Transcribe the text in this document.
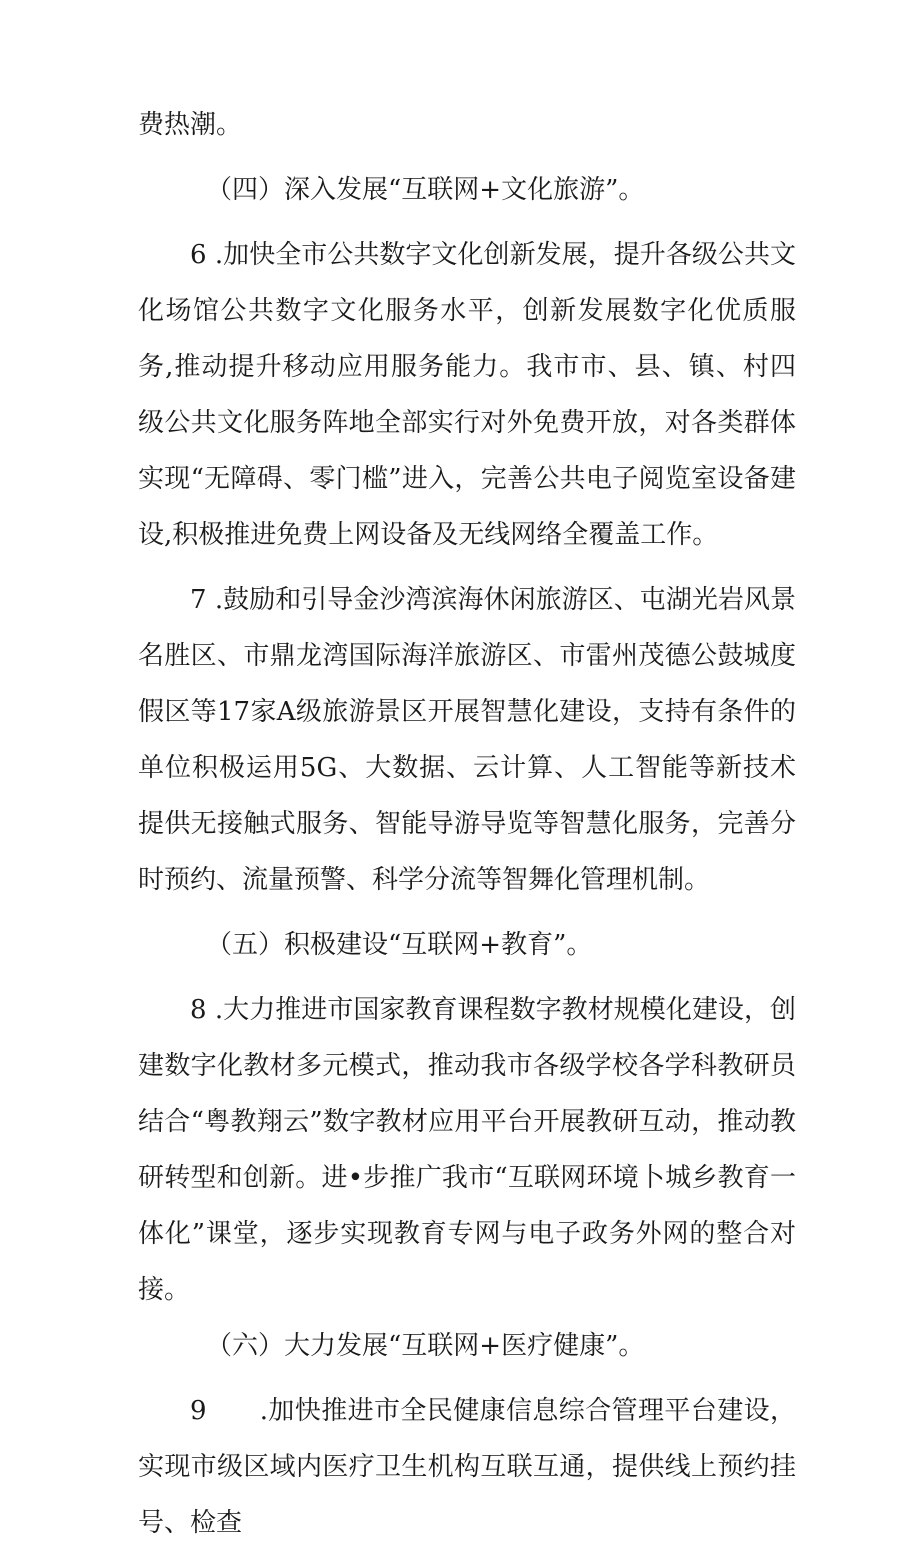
费热潮。

（四）深入发展“互联网+文化旅游”。

6 .加快全市公共数字文化创新发展，提升各级公共文化场馆公共数字文化服务水平，创新发展数字化优质服务,推动提升移动应用服务能力。我市市、县、镇、村四级公共文化服务阵地全部实行对外免费开放，对各类群体实现“无障碍、零门槛”进入，完善公共电子阅览室设备建设,积极推进免费上网设备及无线网络全覆盖工作。

7 .鼓励和引导金沙湾滨海休闲旅游区、屯湖光岩风景名胜区、市鼎龙湾国际海洋旅游区、市雷州茂德公鼓城度假区等17家A级旅游景区开展智慧化建设，支持有条件的单位积极运用5G、大数据、云计算、人工智能等新技术提供无接触式服务、智能导游导览等智慧化服务，完善分时预约、流量预警、科学分流等智舞化管理机制。

（五）积极建设“互联网+教育”。

8 .大力推进市国家教育课程数字教材规模化建设，创建数字化教材多元模式，推动我市各级学校各学科教研员结合“粤教翔云”数字教材应用平台开展教研互动，推动教研转型和创新。进•步推广我市“互联网环境卜城乡教育一体化”课堂，逐步实现教育专网与电子政务外网的整合对接。

（六）大力发展“互联网+医疗健康”。

9　　.加快推进市全民健康信息综合管理平台建设，实现市级区域内医疗卫生机构互联互通，提供线上预约挂号、检查
